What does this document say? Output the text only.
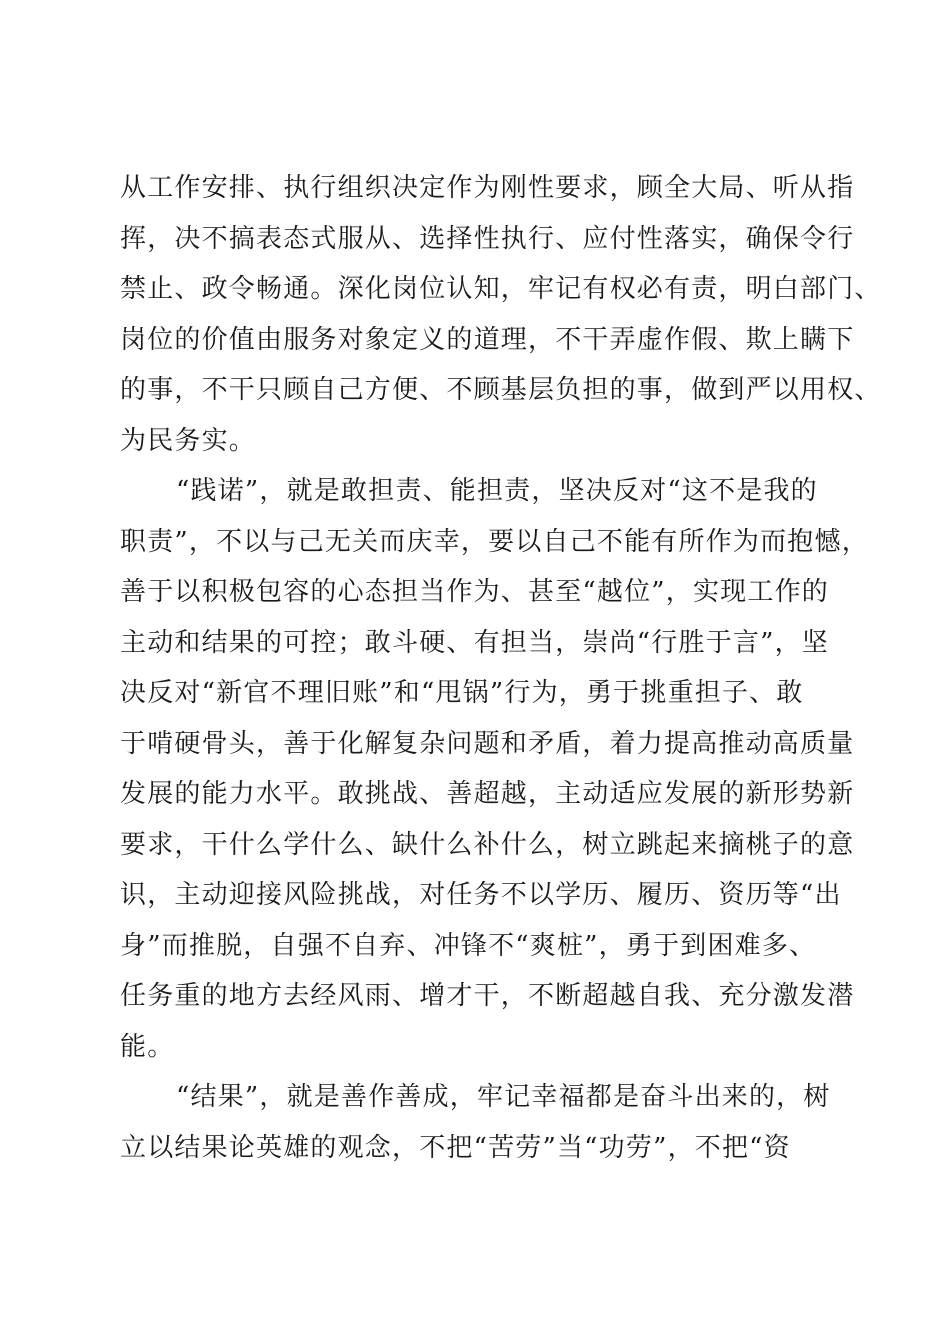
从工作安排、执行组织决定作为刚性要求，顾全大局、听从指
挥，决不搞表态式服从、选择性执行、应付性落实，确保令行
禁止、政令畅通。深化岗位认知，牢记有权必有责，明白部门、
岗位的价值由服务对象定义的道理，不干弄虚作假、欺上瞒下
的事，不干只顾自己方便、不顾基层负担的事，做到严以用权、
为民务实。
“践诺”，就是敢担责、能担责，坚决反对“这不是我的
职责”，不以与己无关而庆幸，要以自己不能有所作为而抱憾，
善于以积极包容的心态担当作为、甚至“越位”，实现工作的
主动和结果的可控；敢斗硬、有担当，崇尚“行胜于言”，坚
决反对“新官不理旧账”和“甩锅”行为，勇于挑重担子、敢
于啃硬骨头，善于化解复杂问题和矛盾，着力提高推动高质量
发展的能力水平。敢挑战、善超越，主动适应发展的新形势新
要求，干什么学什么、缺什么补什么，树立跳起来摘桃子的意
识，主动迎接风险挑战，对任务不以学历、履历、资历等“出
身”而推脱，自强不自弃、冲锋不“爽桩”，勇于到困难多、
任务重的地方去经风雨、增才干，不断超越自我、充分激发潜
能。
“结果”，就是善作善成，牢记幸福都是奋斗出来的，树
立以结果论英雄的观念，不把“苦劳”当“功劳”，不把“资
